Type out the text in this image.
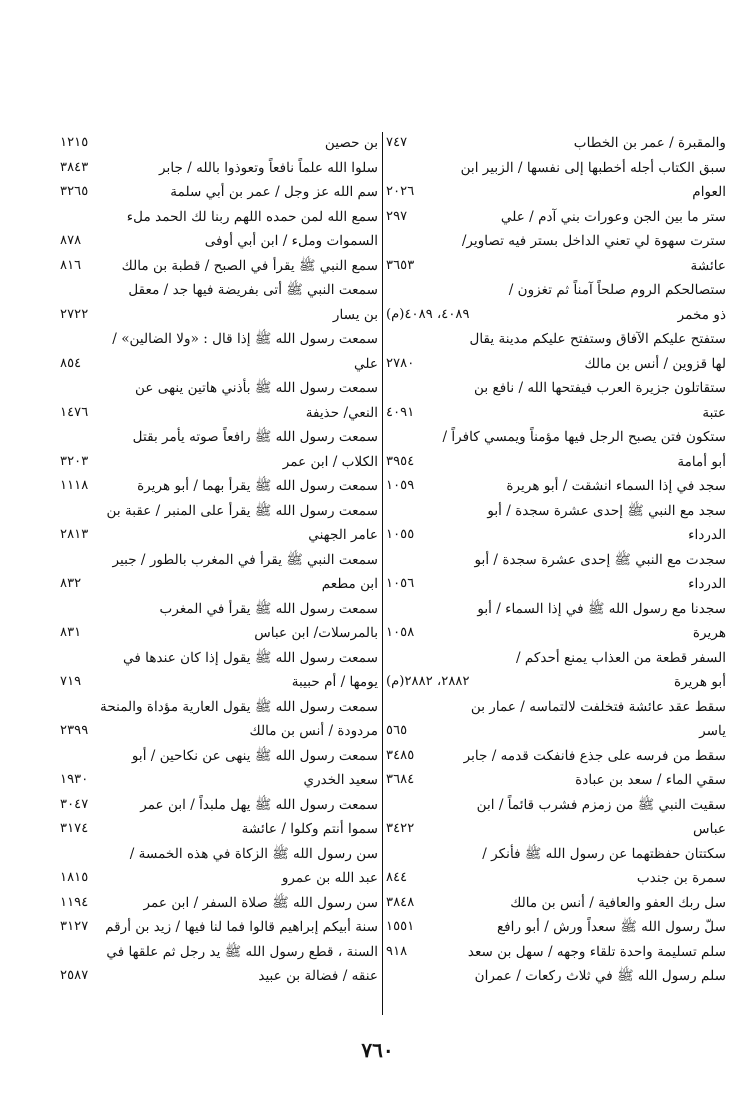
والمقبرة / عمر بن الخطاب
٧٤٧
سبق الكتاب أجله أخطبها إلى نفسها / الزبير ابن
العوام
٢٠٢٦
ستر ما بين الجن وعورات بني آدم / علي
٢٩٧
سترت سهوة لي تعني الداخل بستر فيه تصاوير/
عائشة
٣٦٥٣
ستصالحكم الروم صلحاً آمناً ثم تغزون /
ذو مخمر
٤٠٨٩، ٤٠٨٩(م)
ستفتح عليكم الآفاق وستفتح عليكم مدينة يقال
لها قزوين / أنس بن مالك
٢٧٨٠
ستقاتلون جزيرة العرب فيفتحها الله / نافع بن
عتبة
٤٠٩١
ستكون فتن يصبح الرجل فيها مؤمناً ويمسي كافراً /
أبو أمامة
٣٩٥٤
سجد في إذا السماء انشقت / أبو هريرة
١٠٥٩
سجد مع النبي ﷺ إحدى عشرة سجدة / أبو
الدرداء
١٠٥٥
سجدت مع النبي ﷺ إحدى عشرة سجدة / أبو
الدرداء
١٠٥٦
سجدنا مع رسول الله ﷺ في إذا السماء / أبو
هريرة
١٠٥٨
السفر قطعة من العذاب يمنع أحدكم /
أبو هريرة
٢٨٨٢، ٢٨٨٢(م)
سقط عقد عائشة فتخلفت لالتماسه / عمار بن
ياسر
٥٦٥
سقط من فرسه على جذع فانفكت قدمه / جابر
٣٤٨٥
سقي الماء / سعد بن عبادة
٣٦٨٤
سقيت النبي ﷺ من زمزم فشرب قائماً / ابن
عباس
٣٤٢٢
سكتتان حفظتهما عن رسول الله ﷺ فأنكر /
سمرة بن جندب
٨٤٤
سل ربك العفو والعافية / أنس بن مالك
٣٨٤٨
سلّ رسول الله ﷺ سعداً ورش / أبو رافع
١٥٥١
سلم تسليمة واحدة تلقاء وجهه / سهل بن سعد
٩١٨
سلم رسول الله ﷺ في ثلاث ركعات / عمران
بن حصين
١٢١٥
سلوا الله علماً نافعاً وتعوذوا بالله / جابر
٣٨٤٣
سم الله عز وجل / عمر بن أبي سلمة
٣٢٦٥
سمع الله لمن حمده اللهم ربنا لك الحمد ملء
السموات وملء / ابن أبي أوفى
٨٧٨
سمع النبي ﷺ يقرأ في الصبح / قطبة بن مالك
٨١٦
سمعت النبي ﷺ أتى بفريضة فيها جد / معقل
بن يسار
٢٧٢٢
سمعت رسول الله ﷺ إذا قال : «ولا الضالين» /
علي
٨٥٤
سمعت رسول الله ﷺ بأذني هاتين ينهى عن
النعي/ حذيفة
١٤٧٦
سمعت رسول الله ﷺ رافعاً صوته يأمر بقتل
الكلاب / ابن عمر
٣٢٠٣
سمعت رسول الله ﷺ يقرأ بهما / أبو هريرة
١١١٨
سمعت رسول الله ﷺ يقرأ على المنبر / عقبة بن
عامر الجهني
٢٨١٣
سمعت النبي ﷺ يقرأ في المغرب بالطور / جبير
ابن مطعم
٨٣٢
سمعت رسول الله ﷺ يقرأ في المغرب
بالمرسلات/ ابن عباس
٨٣١
سمعت رسول الله ﷺ يقول إذا كان عندها في
يومها / أم حبيبة
٧١٩
سمعت رسول الله ﷺ يقول العارية مؤداة والمنحة
مردودة / أنس بن مالك
٢٣٩٩
سمعت رسول الله ﷺ ينهى عن نكاحين / أبو
سعيد الخدري
١٩٣٠
سمعت رسول الله ﷺ يهل ملبداً / ابن عمر
٣٠٤٧
سموا أنتم وكلوا / عائشة
٣١٧٤
سن رسول الله ﷺ الزكاة في هذه الخمسة /
عبد الله بن عمرو
١٨١٥
سن رسول الله ﷺ صلاة السفر / ابن عمر
١١٩٤
سنة أبيكم إبراهيم قالوا فما لنا فيها / زيد بن أرقم
٣١٢٧
السنة ، قطع رسول الله ﷺ يد رجل ثم علقها في
عنقه / فضالة بن عبيد
٢٥٨٧
٧٦٠
